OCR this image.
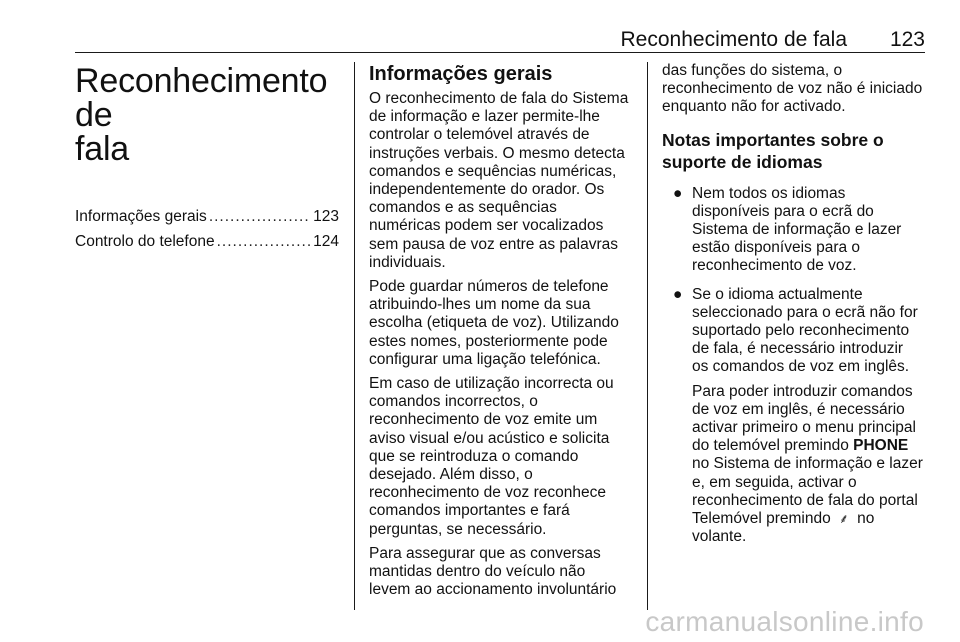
Reconhecimento de fala 123
Reconhecimento de
fala
Informações gerais .....	123
Controlo do telefone .....	124
Informações gerais
O reconhecimento de fala do Sistema
de informação e lazer permite-lhe
controlar o telemóvel através de
instruções verbais. O mesmo detecta
comandos e sequências numéricas,
independentemente do orador. Os
comandos e as sequências
numéricas podem ser vocalizados
sem pausa de voz entre as palavras
individuais.
Pode guardar números de telefone
atribuindo-lhes um nome da sua
escolha (etiqueta de voz). Utilizando
estes nomes, posteriormente pode
configurar uma ligação telefónica.
Em caso de utilização incorrecta ou
comandos incorrectos, o
reconhecimento de voz emite um
aviso visual e/ou acústico e solicita
que se reintroduza o comando
desejado. Além disso, o
reconhecimento de voz reconhece
comandos importantes e fará
perguntas, se necessário.
Para assegurar que as conversas
mantidas dentro do veículo não
levem ao accionamento involuntário
das funções do sistema, o
reconhecimento de voz não é iniciado
enquanto não for activado.
Notas importantes sobre o
suporte de idiomas
● Nem todos os idiomas
disponíveis para o ecrã do
Sistema de informação e lazer
estão disponíveis para o
reconhecimento de voz.
● Se o idioma actualmente
seleccionado para o ecrã não for
suportado pelo reconhecimento
de fala, é necessário introduzir
os comandos de voz em inglês.
Para poder introduzir comandos
de voz em inglês, é necessário
activar primeiro o menu principal
do telemóvel premindo PHONE
no Sistema de informação e lazer
e, em seguida, activar o
reconhecimento de fala do portal
Telemóvel premindo ⸙ no
volante.
carmanualsonline.info
